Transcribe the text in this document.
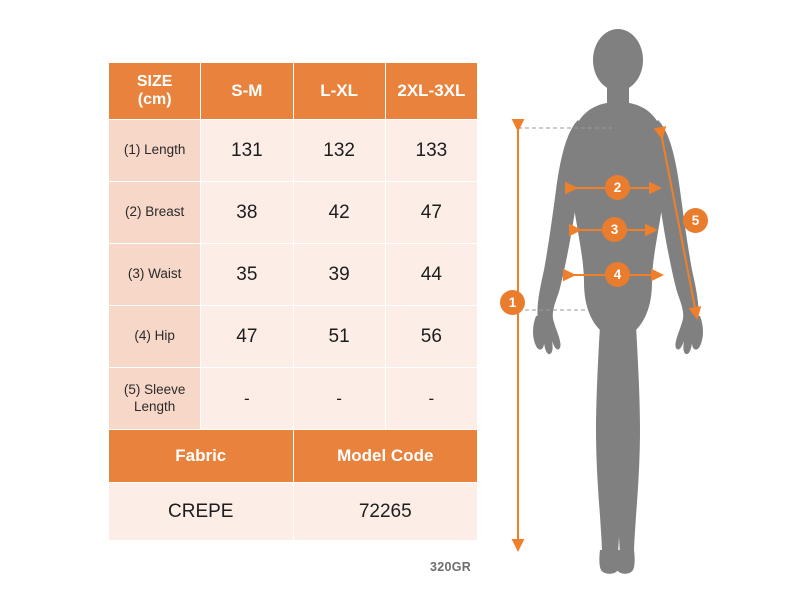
SIZE
(cm)	S-M	L-XL	2XL-3XL
(1) Length	131	132	133
(2) Breast	38	42	47
(3) Waist	35	39	44
(4) Hip	47	51	56
(5) Sleeve Length	-	-	-
Fabric		Model Code	
CREPE		72265	
320GR
1
2
3
4
5
